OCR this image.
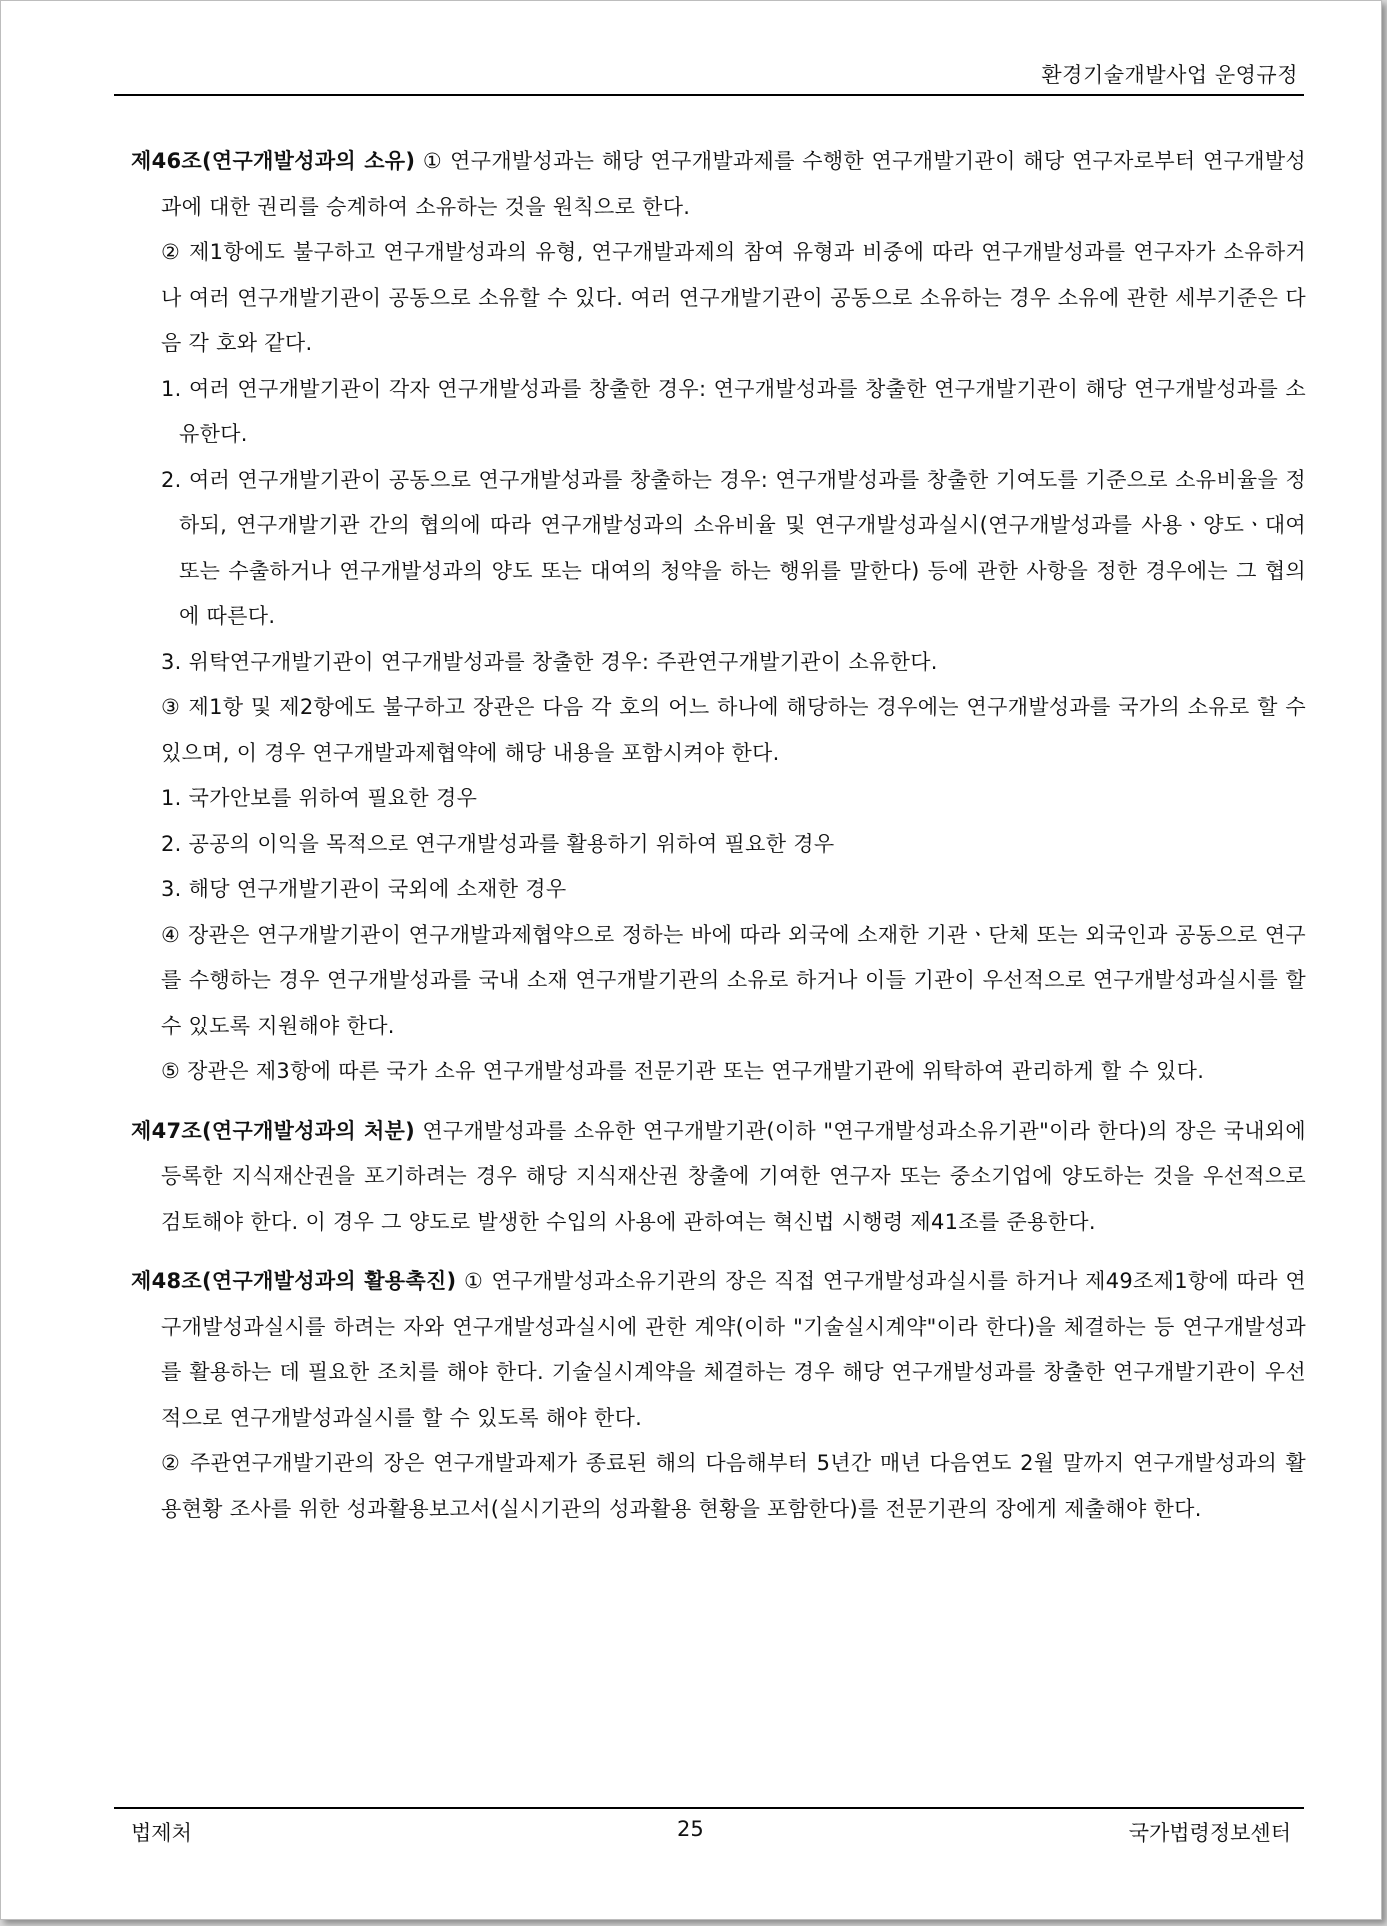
환경기술개발사업 운영규정

제46조(연구개발성과의 소유) ① 연구개발성과는 해당 연구개발과제를 수행한 연구개발기관이 해당 연구자로부터 연구개발성과에 대한 권리를 승계하여 소유하는 것을 원칙으로 한다.

② 제1항에도 불구하고 연구개발성과의 유형, 연구개발과제의 참여 유형과 비중에 따라 연구개발성과를 연구자가 소유하거나 여러 연구개발기관이 공동으로 소유할 수 있다. 여러 연구개발기관이 공동으로 소유하는 경우 소유에 관한 세부기준은 다음 각 호와 같다.

1. 여러 연구개발기관이 각자 연구개발성과를 창출한 경우: 연구개발성과를 창출한 연구개발기관이 해당 연구개발성과를 소유한다.

2. 여러 연구개발기관이 공동으로 연구개발성과를 창출하는 경우: 연구개발성과를 창출한 기여도를 기준으로 소유비율을 정하되, 연구개발기관 간의 협의에 따라 연구개발성과의 소유비율 및 연구개발성과실시(연구개발성과를 사용ㆍ양도ㆍ대여 또는 수출하거나 연구개발성과의 양도 또는 대여의 청약을 하는 행위를 말한다) 등에 관한 사항을 정한 경우에는 그 협의에 따른다.

3. 위탁연구개발기관이 연구개발성과를 창출한 경우: 주관연구개발기관이 소유한다.

③ 제1항 및 제2항에도 불구하고 장관은 다음 각 호의 어느 하나에 해당하는 경우에는 연구개발성과를 국가의 소유로 할 수 있으며, 이 경우 연구개발과제협약에 해당 내용을 포함시켜야 한다.

1. 국가안보를 위하여 필요한 경우

2. 공공의 이익을 목적으로 연구개발성과를 활용하기 위하여 필요한 경우

3. 해당 연구개발기관이 국외에 소재한 경우

④ 장관은 연구개발기관이 연구개발과제협약으로 정하는 바에 따라 외국에 소재한 기관ㆍ단체 또는 외국인과 공동으로 연구를 수행하는 경우 연구개발성과를 국내 소재 연구개발기관의 소유로 하거나 이들 기관이 우선적으로 연구개발성과실시를 할 수 있도록 지원해야 한다.

⑤ 장관은 제3항에 따른 국가 소유 연구개발성과를 전문기관 또는 연구개발기관에 위탁하여 관리하게 할 수 있다.

제47조(연구개발성과의 처분) 연구개발성과를 소유한 연구개발기관(이하 "연구개발성과소유기관"이라 한다)의 장은 국내외에 등록한 지식재산권을 포기하려는 경우 해당 지식재산권 창출에 기여한 연구자 또는 중소기업에 양도하는 것을 우선적으로 검토해야 한다. 이 경우 그 양도로 발생한 수입의 사용에 관하여는 혁신법 시행령 제41조를 준용한다.

제48조(연구개발성과의 활용촉진) ① 연구개발성과소유기관의 장은 직접 연구개발성과실시를 하거나 제49조제1항에 따라 연구개발성과실시를 하려는 자와 연구개발성과실시에 관한 계약(이하 "기술실시계약"이라 한다)을 체결하는 등 연구개발성과를 활용하는 데 필요한 조치를 해야 한다. 기술실시계약을 체결하는 경우 해당 연구개발성과를 창출한 연구개발기관이 우선적으로 연구개발성과실시를 할 수 있도록 해야 한다.

② 주관연구개발기관의 장은 연구개발과제가 종료된 해의 다음해부터 5년간 매년 다음연도 2월 말까지 연구개발성과의 활용현황 조사를 위한 성과활용보고서(실시기관의 성과활용 현황을 포함한다)를 전문기관의 장에게 제출해야 한다.

법제처	25	국가법령정보센터
